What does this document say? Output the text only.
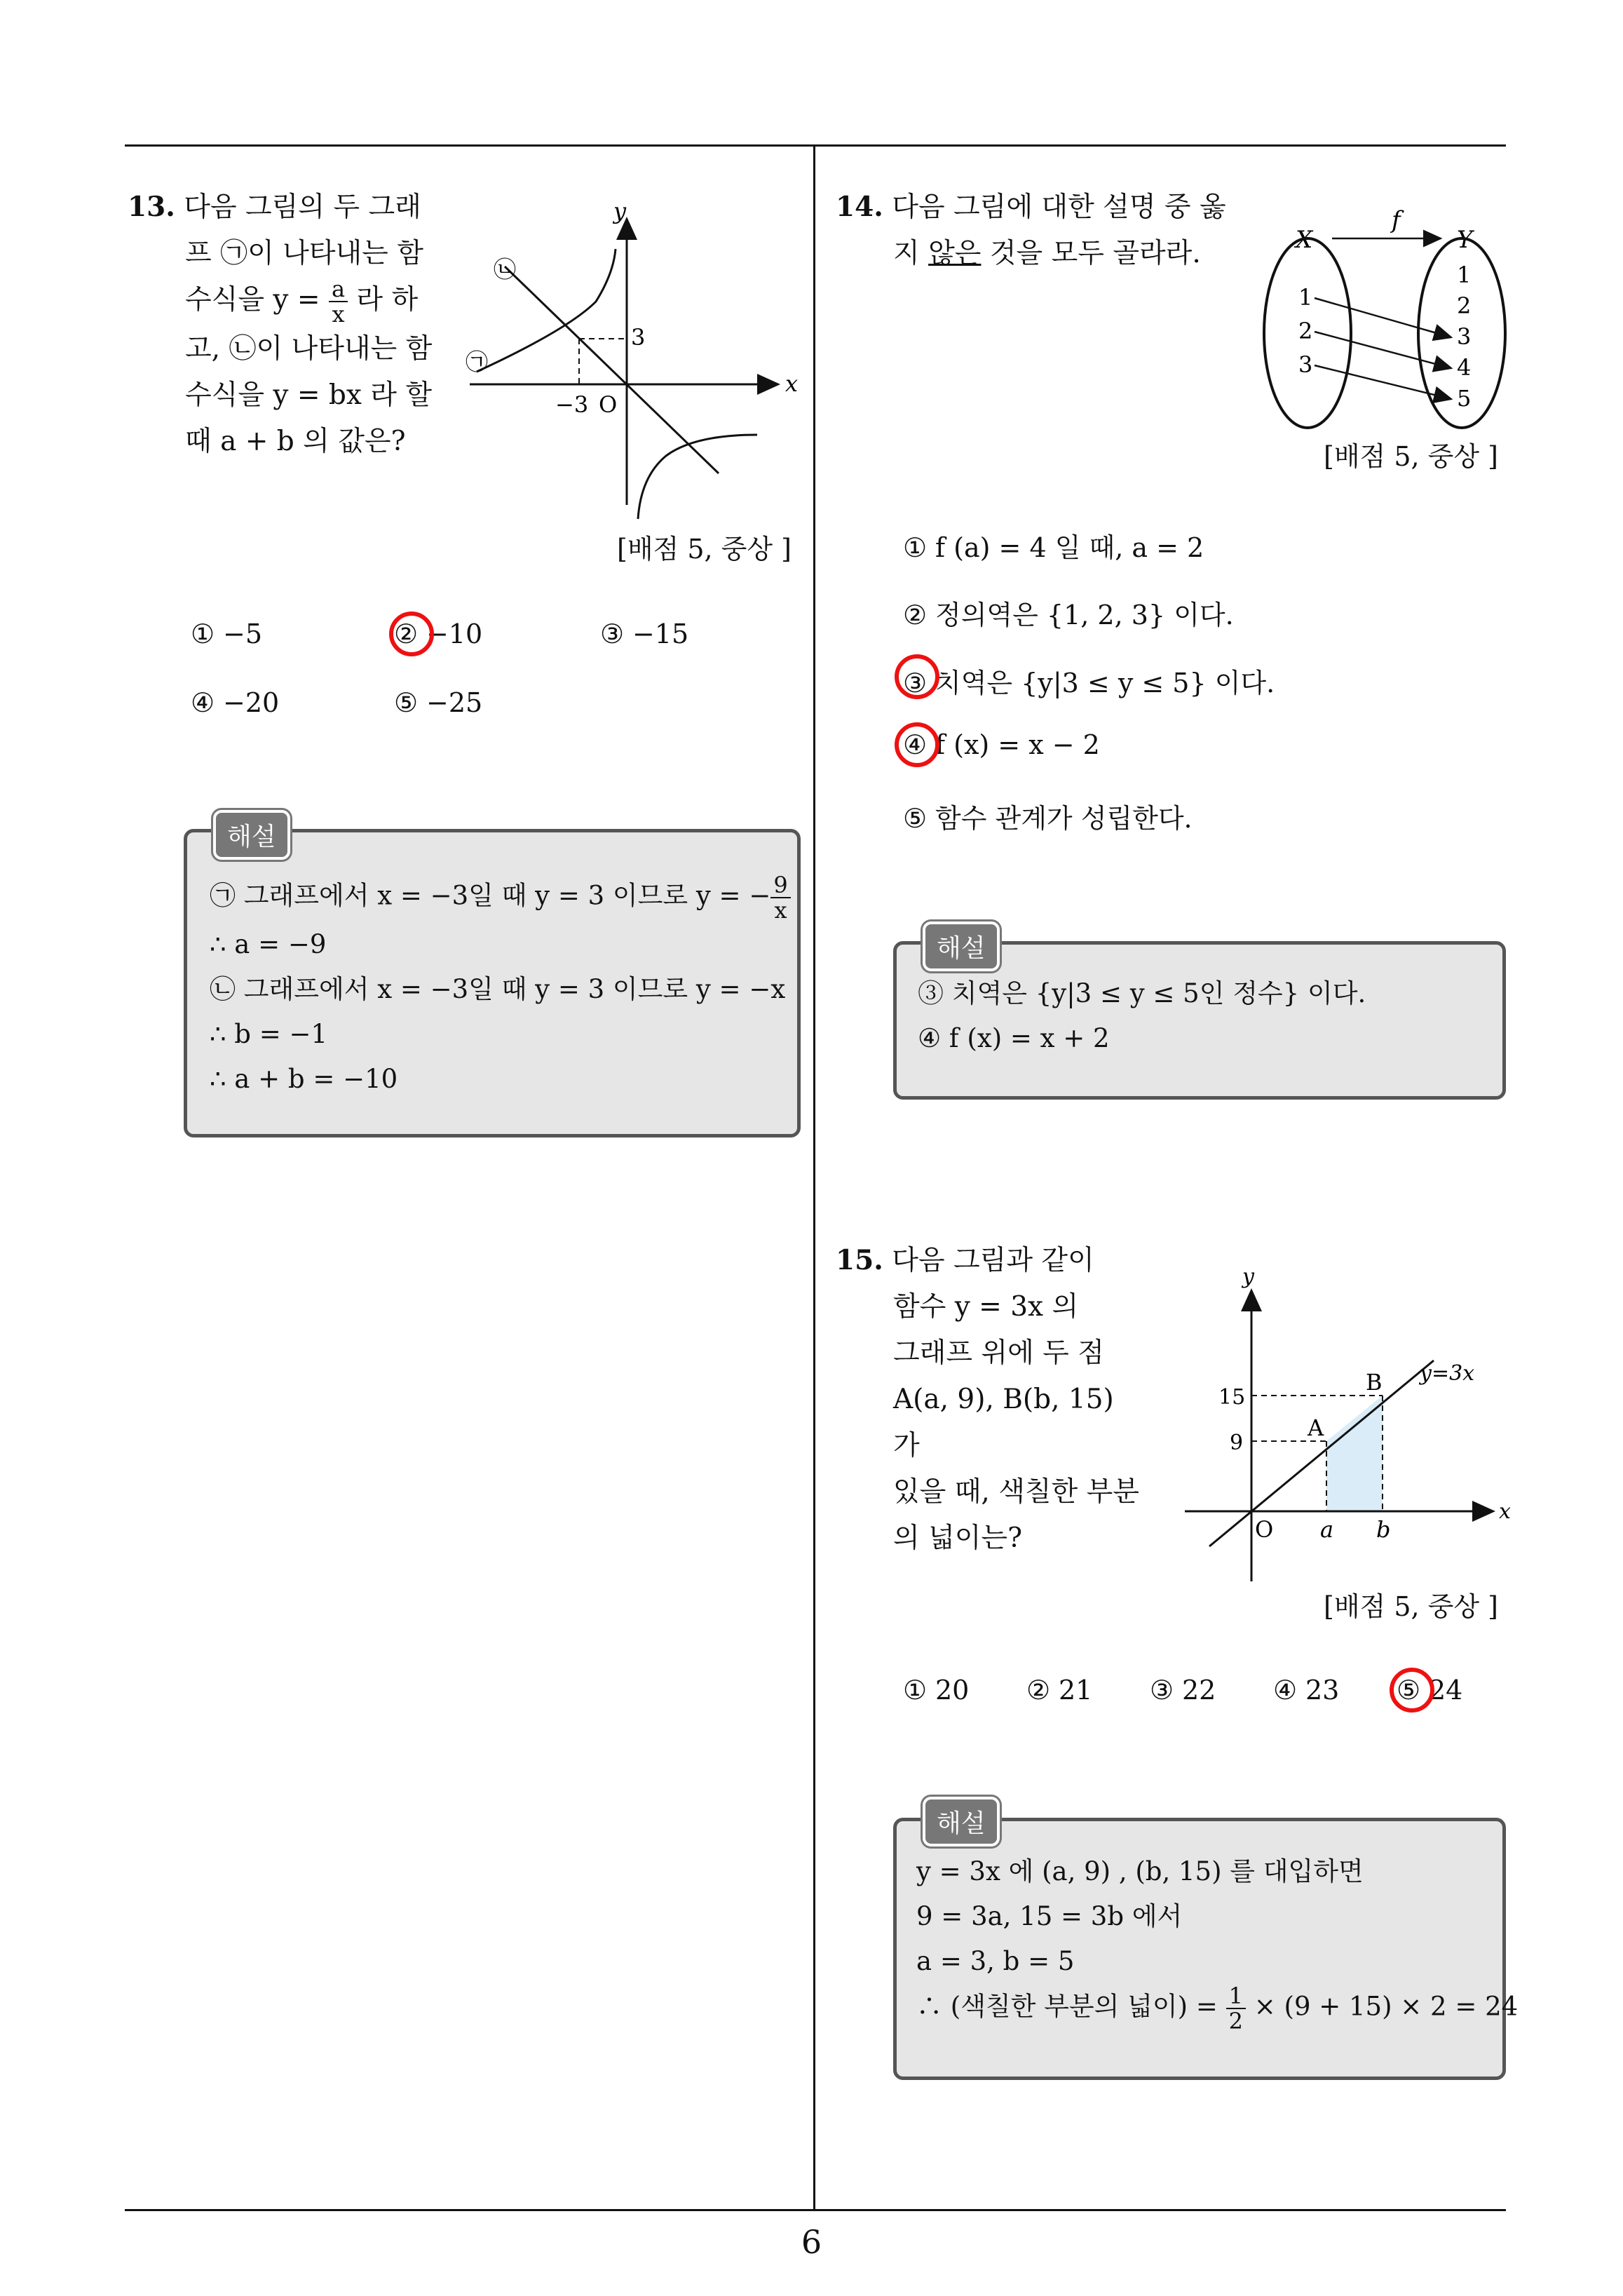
6
13. 다음 그림의 두 그래
프 ㉠이 나타내는 함
수식을 $y = \frac{a}{x}$ 라 하
고, ㉡이 나타내는 함
수식을 y = bx 라 할
때 a + b 의 값은?
y
x
O
3
−3
㉡
㉠
[배점 5, 중상 ]
① −5	② −10	③ −15
④ −20	⑤ −25
㉠ 그래프에서 x = −3일 때 y = 3 이므로 y = − $\frac{9}{x}$
∴ a = −9
㉡ 그래프에서 x = −3일 때 y = 3 이므로 y = −x
∴ b = −1
∴ a + b = −10
해설
14. 다음 그림에 대한 설명 중 옳
지 않은 것을 모두 골라라.
f
X	Y
1
2
3
1
2
3
4
5
[배점 5, 중상 ]
① f (a) = 4 일 때, a = 2
② 정의역은 {1, 2, 3} 이다.
③ 치역은 {y|3 ≤ y ≤ 5} 이다.
④ f (x) = x − 2
⑤ 함수 관계가 성립한다.
③ 치역은 {y|3 ≤ y ≤ 5인 정수} 이다.
④ f (x) = x + 2
해설
15. 다음 그림과 같이
함수 y = 3x 의
그래프 위에 두 점
A(a, 9), B(b, 15) 가
있을 때, 색칠한 부분
의 넓이는?
y
x
O
15
9
a b
A
B y=3x
[배점 5, 중상 ]
① 20 ② 21 ③ 22 ④ 23 ⑤ 24
y = 3x 에 (a, 9) , (b, 15) 를 대입하면
9 = 3a, 15 = 3b 에서
a = 3, b = 5
∴ (색칠한 부분의 넓이) = $\frac{1}{2} \times (9 + 15) \times 2 = 24$
해설
